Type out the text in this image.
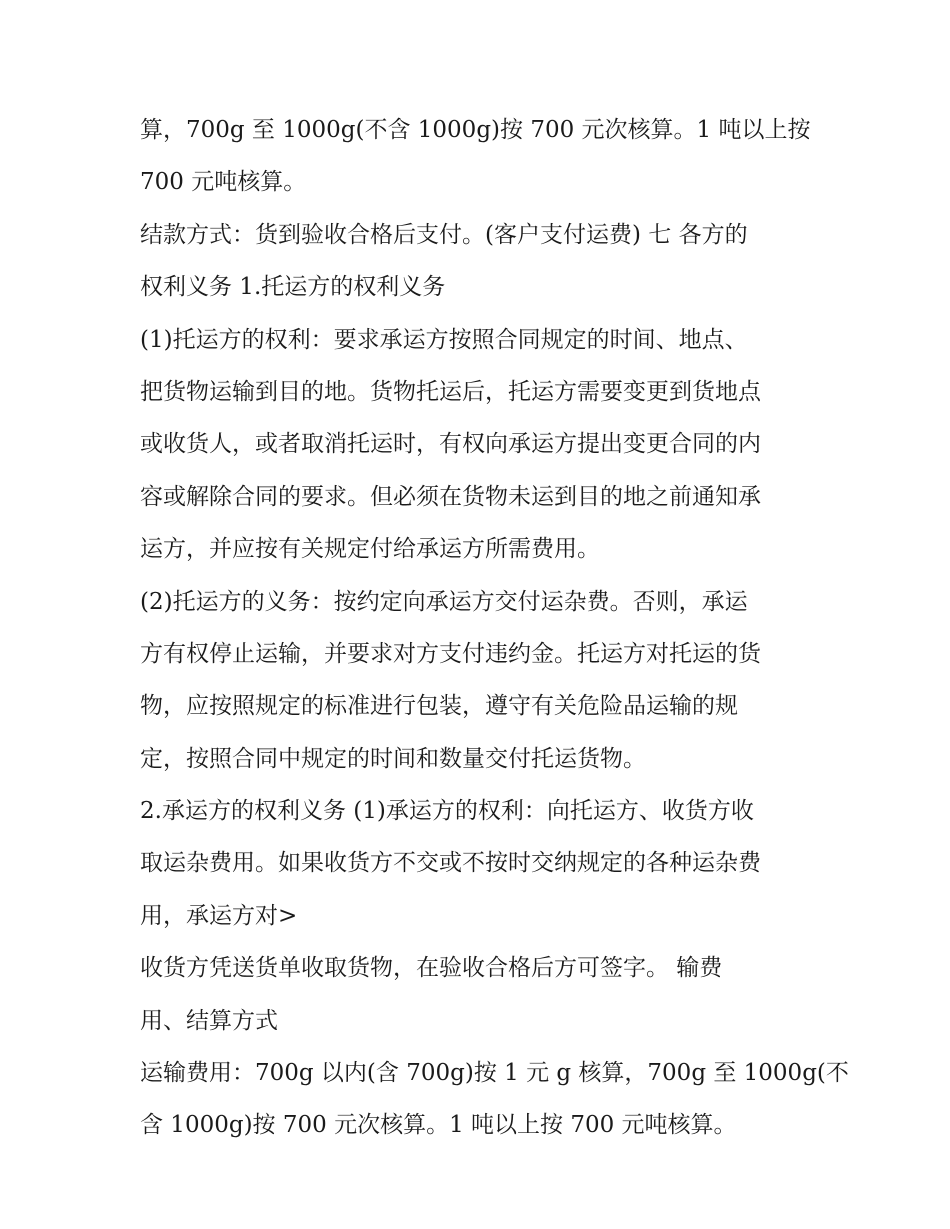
算，700g 至 1000g(不含 1000g)按 700 元次核算。1 吨以上按
700 元吨核算。
结款方式：货到验收合格后支付。(客户支付运费) 七 各方的
权利义务 1.托运方的权利义务
(1)托运方的权利：要求承运方按照合同规定的时间、地点、
把货物运输到目的地。货物托运后，托运方需要变更到货地点
或收货人，或者取消托运时，有权向承运方提出变更合同的内
容或解除合同的要求。但必须在货物未运到目的地之前通知承
运方，并应按有关规定付给承运方所需费用。
(2)托运方的义务：按约定向承运方交付运杂费。否则，承运
方有权停止运输，并要求对方支付违约金。托运方对托运的货
物，应按照规定的标准进行包装，遵守有关危险品运输的规
定，按照合同中规定的时间和数量交付托运货物。
2.承运方的权利义务 (1)承运方的权利：向托运方、收货方收
取运杂费用。如果收货方不交或不按时交纳规定的各种运杂费
用，承运方对>
收货方凭送货单收取货物，在验收合格后方可签字。 输费
用、结算方式
运输费用：700g 以内(含 700g)按 1 元 g 核算，700g 至 1000g(不
含 1000g)按 700 元次核算。1 吨以上按 700 元吨核算。
